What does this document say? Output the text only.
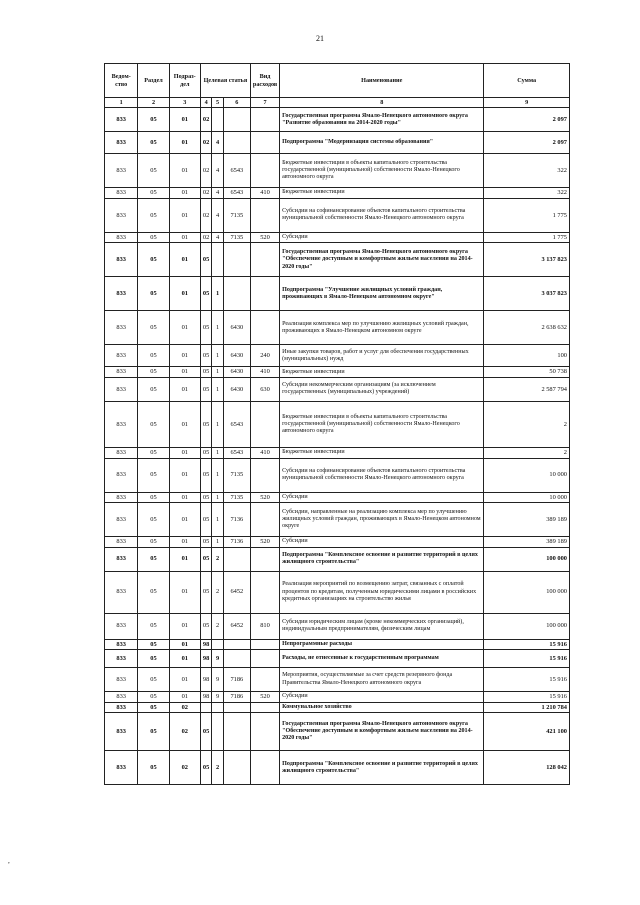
21
Ведом-ство	Раздел	Подраз-дел	Целевая статья			Вид расходов	Наименование	Сумма
1	2	3	4	5	6	7	8	9
833	05	01	02				Государственная программа Ямало-Ненецкого автономного округа "Развитие образования на 2014-2020 годы"	2 097
833	05	01	02	4			Подпрограмма "Модернизация системы образования"	2 097
833	05	01	02	4	6543		Бюджетные инвестиции в объекты капитального строительства государственной (муниципальной) собственности Ямало-Ненецкого автономного округа	322
833	05	01	02	4	6543	410	Бюджетные инвестиции	322
833	05	01	02	4	7135		Субсидии на софинансирование объектов капитального строительства муниципальной собственности Ямало-Ненецкого автономного округа	1 775
833	05	01	02	4	7135	520	Субсидии	1 775
833	05	01	05				Государственная программа Ямало-Ненецкого автономного округа "Обеспечение доступным и комфортным жильем населения на 2014-2020 годы"	3 137 823
833	05	01	05	1			Подпрограмма "Улучшение жилищных условий граждан, проживающих в Ямало-Ненецком автономном округе"	3 037 823
833	05	01	05	1	6430		Реализация комплекса мер по улучшению жилищных условий граждан, проживающих в Ямало-Ненецком автономном округе	2 638 632
833	05	01	05	1	6430	240	Иные закупки товаров, работ и услуг для обеспечения государственных (муниципальных) нужд	100
833	05	01	05	1	6430	410	Бюджетные инвестиции	50 738
833	05	01	05	1	6430	630	Субсидии некоммерческим организациям (за исключением государственных (муниципальных) учреждений)	2 587 794
833	05	01	05	1	6543		Бюджетные инвестиции в объекты капитального строительства государственной (муниципальной) собственности Ямало-Ненецкого автономного округа	2
833	05	01	05	1	6543	410	Бюджетные инвестиции	2
833	05	01	05	1	7135		Субсидии на софинансирование объектов капитального строительства муниципальной собственности Ямало-Ненецкого автономного округа	10 000
833	05	01	05	1	7135	520	Субсидии	10 000
833	05	01	05	1	7136		Субсидии, направленные на реализацию комплекса мер по улучшению жилищных условий граждан, проживающих в Ямало-Ненецком автономном округе	389 189
833	05	01	05	1	7136	520	Субсидии	389 189
833	05	01	05	2			Подпрограмма "Комплексное освоение и развитие территорий в целях жилищного строительства"	100 000
833	05	01	05	2	6452		Реализация мероприятий по возмещению затрат, связанных с оплатой процентов по кредитам, полученным юридическими лицами в российских кредитных организациях на строительство жилья	100 000
833	05	01	05	2	6452	810	Субсидии юридическим лицам (кроме некоммерческих организаций), индивидуальным предпринимателям, физическим лицам	100 000
833	05	01	98				Непрограммные расходы	15 916
833	05	01	98	9			Расходы, не отнесенные к государственным программам	15 916
833	05	01	98	9	7186		Мероприятия, осуществляемые за счет средств резервного фонда Правительства Ямало-Ненецкого автономного округа	15 916
833	05	01	98	9	7186	520	Субсидии	15 916
833	05	02					Коммунальное хозяйство	1 210 784
833	05	02	05				Государственная программа Ямало-Ненецкого автономного округа "Обеспечение доступным и комфортным жильем населения на 2014-2020 годы"	421 100
833	05	02	05	2			Подпрограмма "Комплексное освоение и развитие территорий в целях жилищного строительства"	128 042
,
